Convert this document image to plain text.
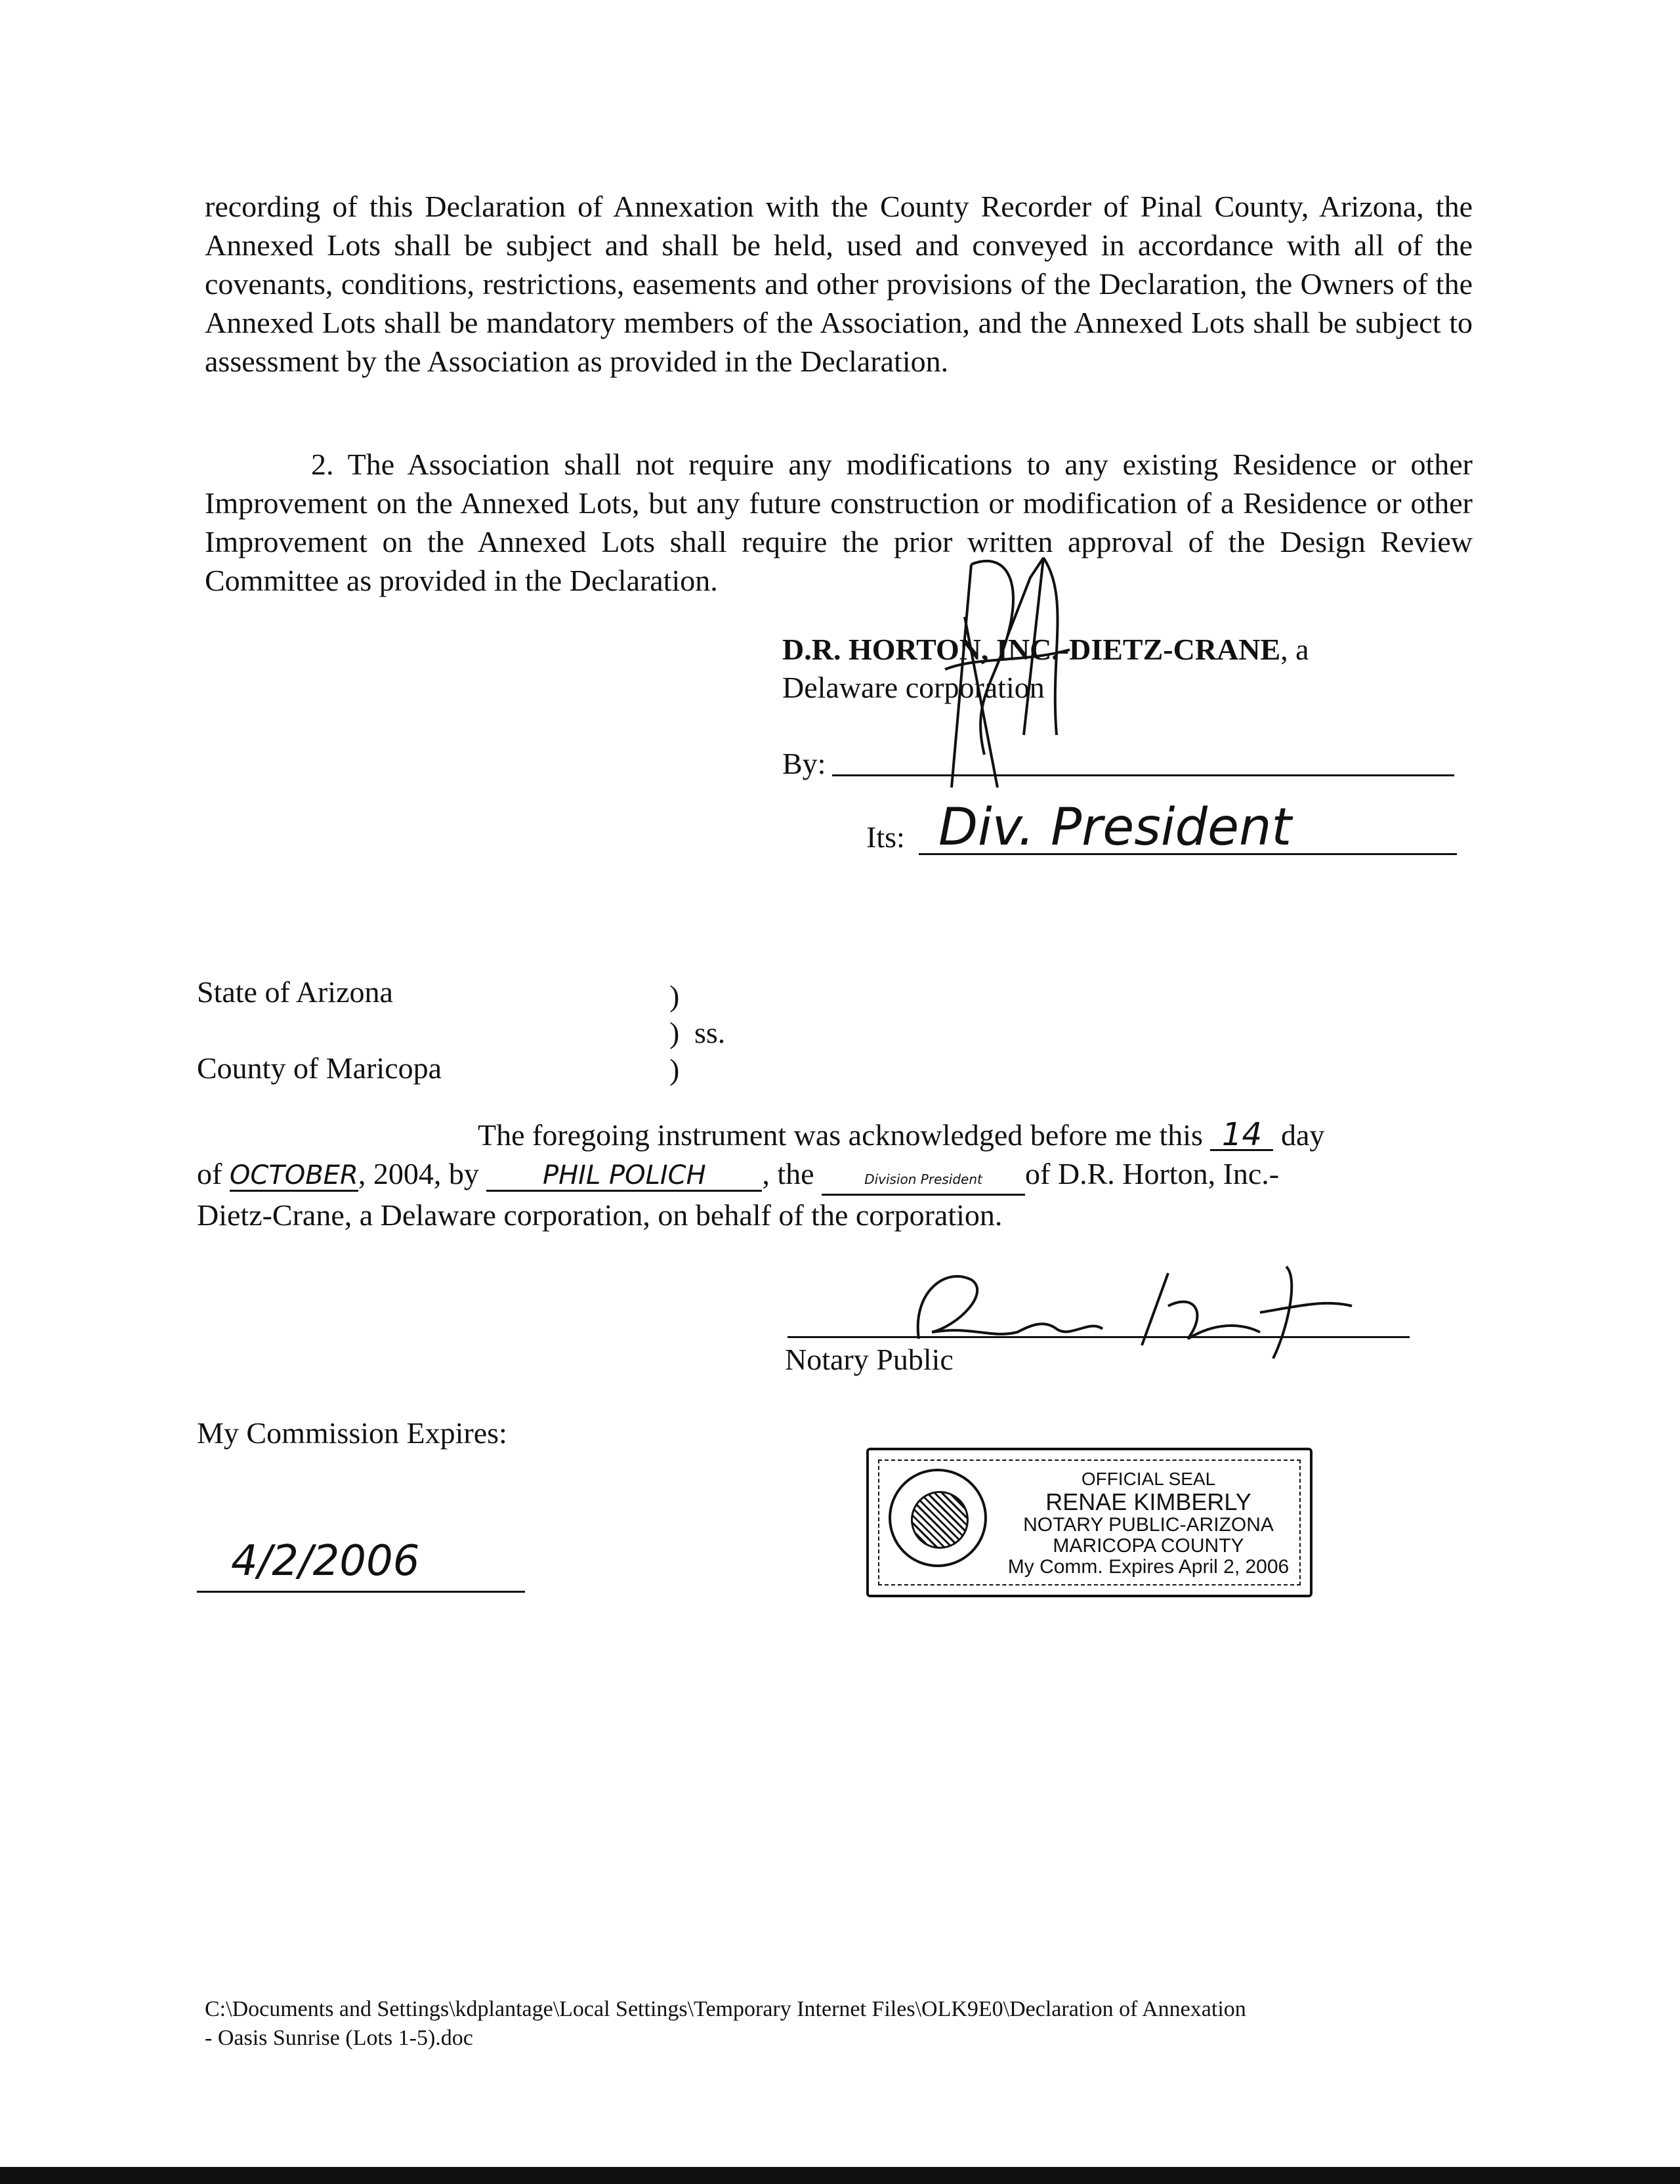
recording of this Declaration of Annexation with the County Recorder of Pinal County, Arizona, the Annexed Lots shall be subject and shall be held, used and conveyed in accordance with all of the covenants, conditions, restrictions, easements and other provisions of the Declaration, the Owners of the Annexed Lots shall be mandatory members of the Association, and the Annexed Lots shall be subject to assessment by the Association as provided in the Declaration.
2. The Association shall not require any modifications to any existing Residence or other Improvement on the Annexed Lots, but any future construction or modification of a Residence or other Improvement on the Annexed Lots shall require the prior written approval of the Design Review Committee as provided in the Declaration.
D.R. HORTON, INC.-DIETZ-CRANE, a
Delaware corporation
By:
Its: Div. President
State of Arizona	)
) ss.
County of Maricopa	)
The foregoing instrument was acknowledged before me this 14 day
of OCTOBER, 2004, by PHIL POLICH , the	Division President of D.R. Horton, Inc.-
Dietz-Crane, a Delaware corporation, on behalf of the corporation.
Notary Public
My Commission Expires:
4/2/2006
OFFICIAL SEAL
RENAE KIMBERLY
NOTARY PUBLIC-ARIZONA
MARICOPA COUNTY
My Comm. Expires April 2, 2006
C:\Documents and Settings\kdplantage\Local Settings\Temporary Internet Files\OLK9E0\Declaration of Annexation
- Oasis Sunrise (Lots 1-5).doc
